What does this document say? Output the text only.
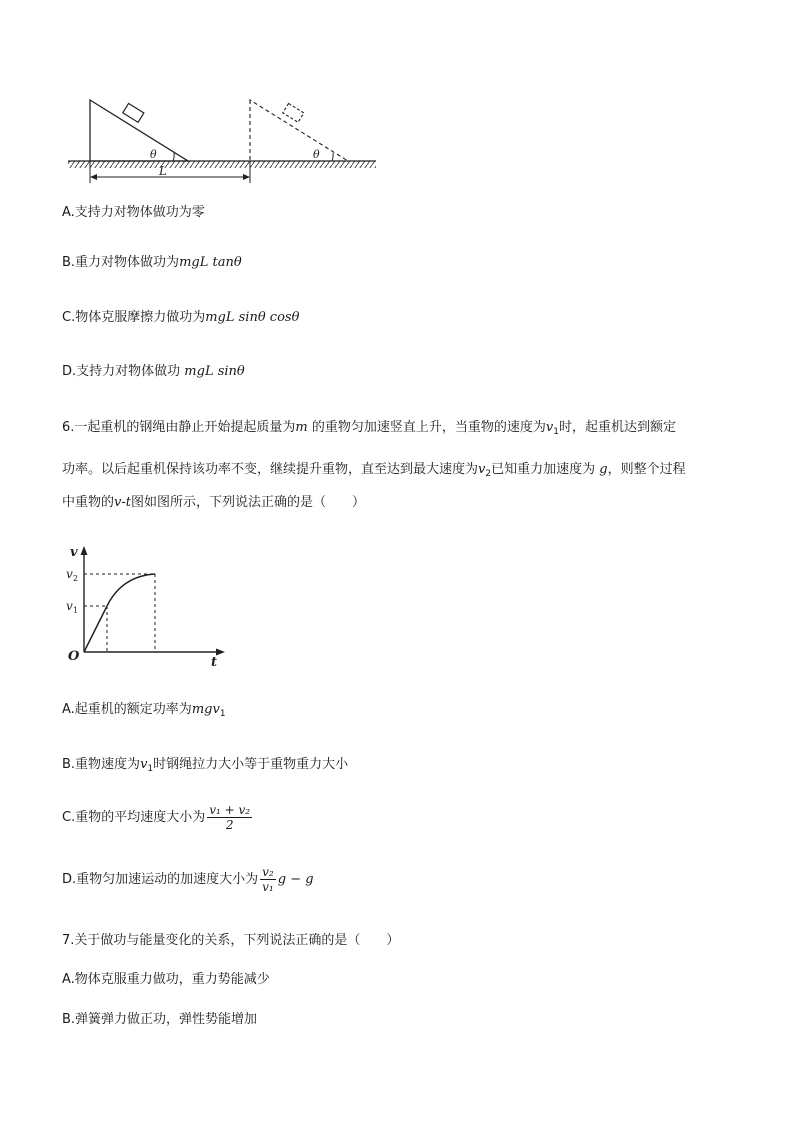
θ	θ
L
A.支持力对物体做功为零
B.重力对物体做功为mgL tanθ
C.物体克服摩擦力做功为mgL sinθ cosθ
D.支持力对物体做功 mgL sinθ
6.一起重机的钢绳由静止开始提起质量为m 的重物匀加速竖直上升，当重物的速度为$v_1$时，起重机达到额定
功率。以后起重机保持该功率不变，继续提升重物，直至达到最大速度为$v_2$已知重力加速度为 g，则整个过程
中重物的v-t图如图所示，下列说法正确的是（　　）
v
t
O
v 2
v 1
A.起重机的额定功率为mgv$_1$
B.重物速度为$v_1$时钢绳拉力大小等于重物重力大小
C.重物的平均速度大小为 $\frac{\text{v₁ + v₂}}{2}$
D.重物匀加速运动的加速度大小为 $\frac{\text{v₂}}{\text{v₁}}$ g − g
7.关于做功与能量变化的关系，下列说法正确的是（　　）
A.物体克服重力做功，重力势能减少
B.弹簧弹力做正功，弹性势能增加
